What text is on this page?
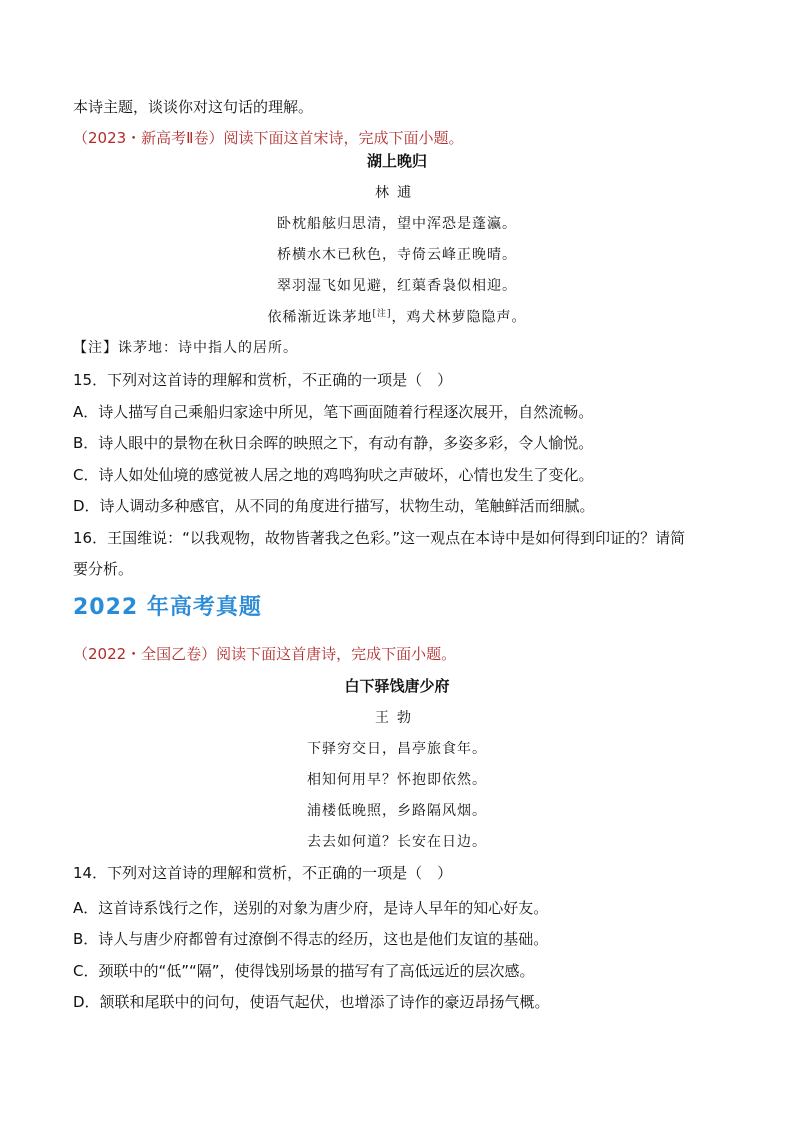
本诗主题，谈谈你对这句话的理解。
（2023・新高考Ⅱ卷）阅读下面这首宋诗，完成下面小题。
湖上晚归
林逋
卧枕船舷归思清，望中浑恐是蓬瀛。
桥横水木已秋色，寺倚云峰正晚晴。
翠羽湿飞如见避，红蕖香袅似相迎。
依稀渐近诛茅地[注]，鸡犬林萝隐隐声。
【注】诛茅地：诗中指人的居所。
15．下列对这首诗的理解和赏析，不正确的一项是（　）
A．诗人描写自己乘船归家途中所见，笔下画面随着行程逐次展开，自然流畅。
B．诗人眼中的景物在秋日余晖的映照之下，有动有静，多姿多彩，令人愉悦。
C．诗人如处仙境的感觉被人居之地的鸡鸣狗吠之声破坏，心情也发生了变化。
D．诗人调动多种感官，从不同的角度进行描写，状物生动，笔触鲜活而细腻。
16．王国维说：“以我观物，故物皆著我之色彩。”这一观点在本诗中是如何得到印证的？请简
要分析。
2022 年高考真题
（2022・全国乙卷）阅读下面这首唐诗，完成下面小题。
白下驿饯唐少府
王勃
下驿穷交日，昌亭旅食年。
相知何用早？怀抱即依然。
浦楼低晚照，乡路隔风烟。
去去如何道？长安在日边。
14．下列对这首诗的理解和赏析，不正确的一项是（　）
A．这首诗系饯行之作，送别的对象为唐少府，是诗人早年的知心好友。
B．诗人与唐少府都曾有过潦倒不得志的经历，这也是他们友谊的基础。
C．颈联中的“低”“隔”，使得饯别场景的描写有了高低远近的层次感。
D．颔联和尾联中的问句，使语气起伏，也增添了诗作的豪迈昂扬气概。
